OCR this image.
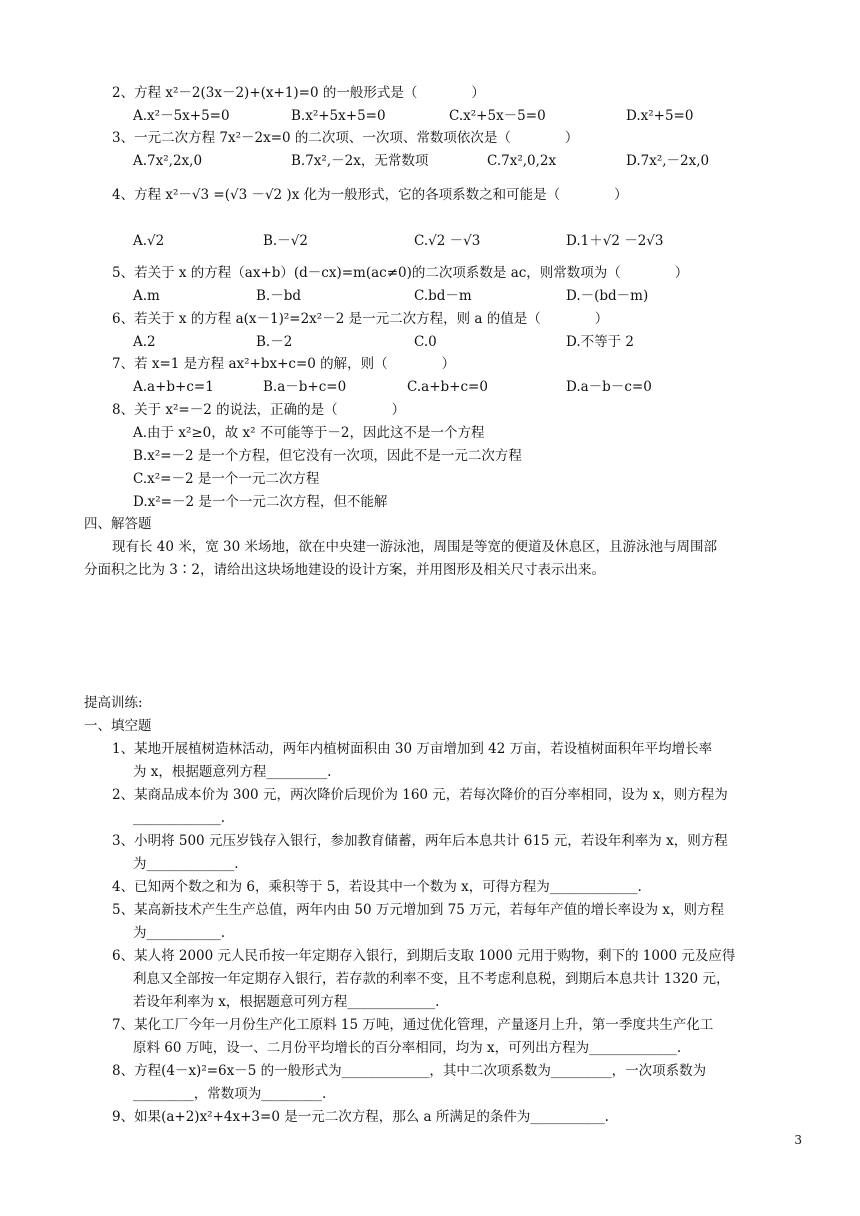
2、方程 x²－2(3x－2)+(x+1)=0 的一般形式是（　　　　）
A.x²－5x+5=0	B.x²+5x+5=0	C.x²+5x－5=0	D.x²+5=0
3、一元二次方程 7x²－2x=0 的二次项、一次项、常数项依次是（　　　　）
A.7x²,2x,0	B.7x²,－2x，无常数项	C.7x²,0,2x	D.7x²,－2x,0
4、方程 x²－√3 =(√3 －√2 )x 化为一般形式，它的各项系数之和可能是（　　　　）
A.√2	B.－√2	C.√2 －√3	D.1＋√2 －2√3
5、若关于 x 的方程（ax+b）(d－cx)=m(ac≠0)的二次项系数是 ac，则常数项为（　　　　）
A.m	B.－bd	C.bd－m	D.－(bd－m)
6、若关于 x 的方程 a(x－1)²=2x²－2 是一元二次方程，则 a 的值是（　　　　）
A.2	B.－2	C.0	D.不等于 2
7、若 x=1 是方程 ax²+bx+c=0 的解，则（　　　　）
A.a+b+c=1	B.a－b+c=0	C.a+b+c=0	D.a－b－c=0
8、关于 x²=－2 的说法，正确的是（　　　　）
A.由于 x²≥0，故 x² 不可能等于－2，因此这不是一个方程
B.x²=－2 是一个方程，但它没有一次项，因此不是一元二次方程
C.x²=－2 是一个一元二次方程
D.x²=－2 是一个一元二次方程，但不能解
四、解答题
现有长 40 米，宽 30 米场地，欲在中央建一游泳池，周围是等宽的便道及休息区，且游泳池与周围部
分面积之比为 3∶2，请给出这块场地建设的设计方案，并用图形及相关尺寸表示出来。
提高训练:
一、填空题
1、某地开展植树造林活动，两年内植树面积由 30 万亩增加到 42 万亩，若设植树面积年平均增长率
为 x，根据题意列方程_________.
2、某商品成本价为 300 元，两次降价后现价为 160 元，若每次降价的百分率相同，设为 x，则方程为
_____________.
3、小明将 500 元压岁钱存入银行，参加教育储蓄，两年后本息共计 615 元，若设年利率为 x，则方程
为_____________.
4、已知两个数之和为 6，乘积等于 5，若设其中一个数为 x，可得方程为_____________.
5、某高新技术产生生产总值，两年内由 50 万元增加到 75 万元，若每年产值的增长率设为 x，则方程
为___________.
6、某人将 2000 元人民币按一年定期存入银行，到期后支取 1000 元用于购物，剩下的 1000 元及应得
利息又全部按一年定期存入银行，若存款的利率不变，且不考虑利息税，到期后本息共计 1320 元，
若设年利率为 x，根据题意可列方程_____________.
7、某化工厂今年一月份生产化工原料 15 万吨，通过优化管理，产量逐月上升，第一季度共生产化工
原料 60 万吨，设一、二月份平均增长的百分率相同，均为 x，可列出方程为_____________.
8、方程(4－x)²=6x－5 的一般形式为_____________，其中二次项系数为_________，一次项系数为
_________，常数项为_________.
9、如果(a+2)x²+4x+3=0 是一元二次方程，那么 a 所满足的条件为___________.
3
